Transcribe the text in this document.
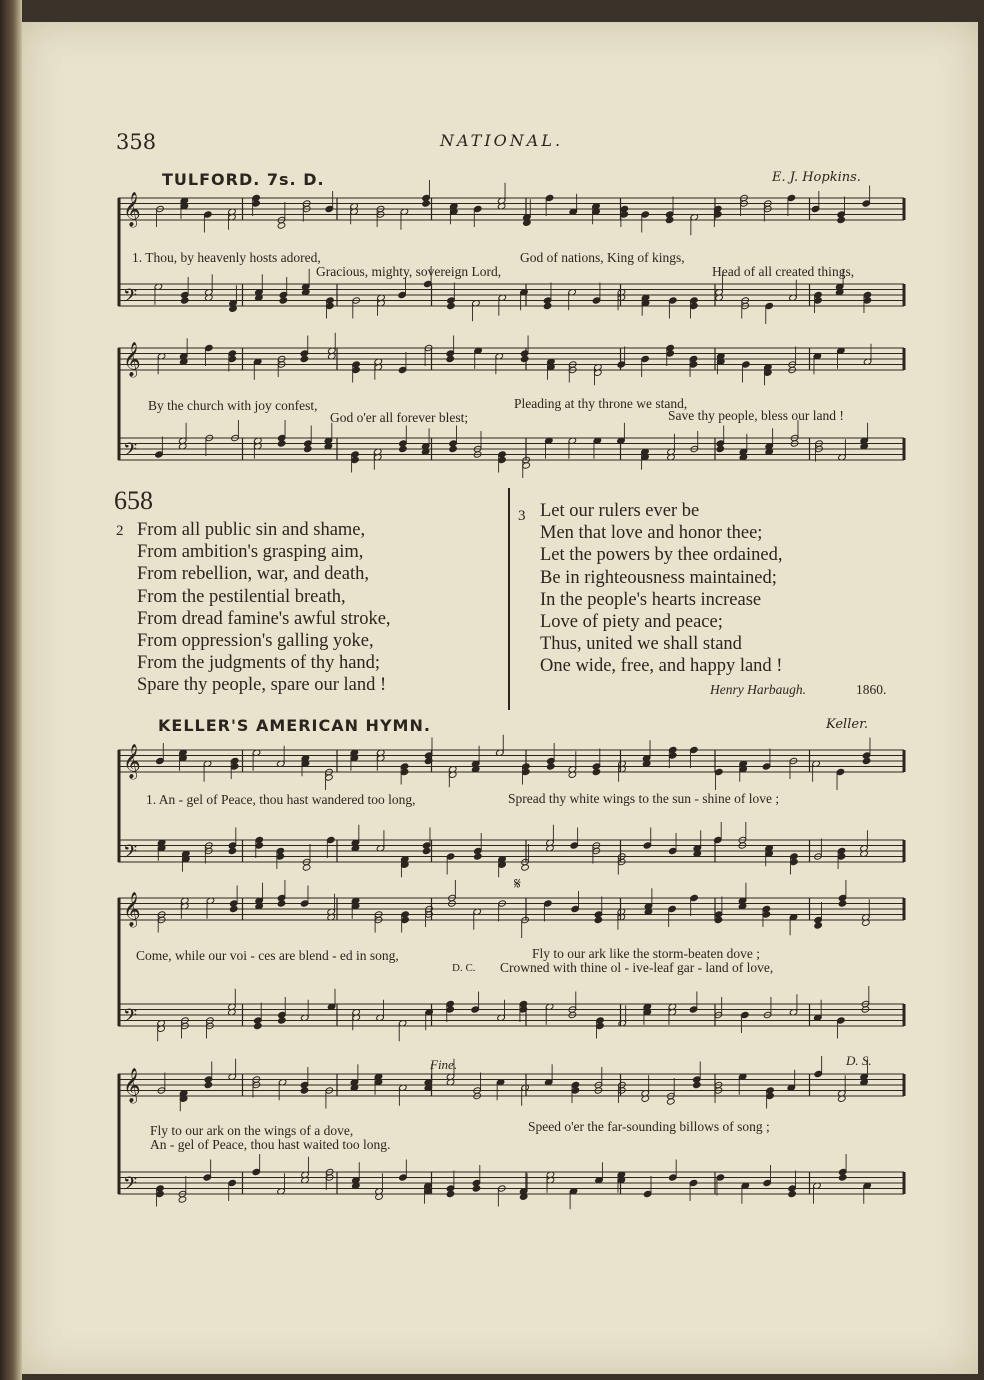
358	NATIONAL.
TULFORD. 7s. D.	E. J. Hopkins.
𝄞
𝄢
1. Thou, by heavenly hosts adored,	God of nations, King of kings,
Gracious, mighty, sovereign Lord,	Head of all created things,
𝄞
𝄢
By the church with joy confest,	Pleading at thy throne we stand,
God o'er all forever blest;	Save thy people, bless our land !
658
2 From all public sin and shame,
From ambition's grasping aim,
From rebellion, war, and death,
From the pestilential breath,
From dread famine's awful stroke,
From oppression's galling yoke,
From the judgments of thy hand;
Spare thy people, spare our land !
3 Let our rulers ever be
Men that love and honor thee;
Let the powers by thee ordained,
Be in righteousness maintained;
In the people's hearts increase
Love of piety and peace;
Thus, united we shall stand
One wide, free, and happy land !
Henry Harbaugh.	1860.
KELLER'S AMERICAN HYMN.	Keller.
𝄞
𝄢
1. An - gel of Peace, thou hast wandered too long,	Spread thy white wings to the sun - shine of love ;
𝄞
𝄢
𝄋
Come, while our voi - ces are blend - ed in song,	Fly to our ark like the storm-beaten dove ;
D. C. Crowned with thine ol - ive-leaf gar - land of love,
Fine.	D. S.
𝄞
𝄢
Fly to our ark on the wings of a dove,	Speed o'er the far-sounding billows of song ;
An - gel of Peace, thou hast waited too long.
